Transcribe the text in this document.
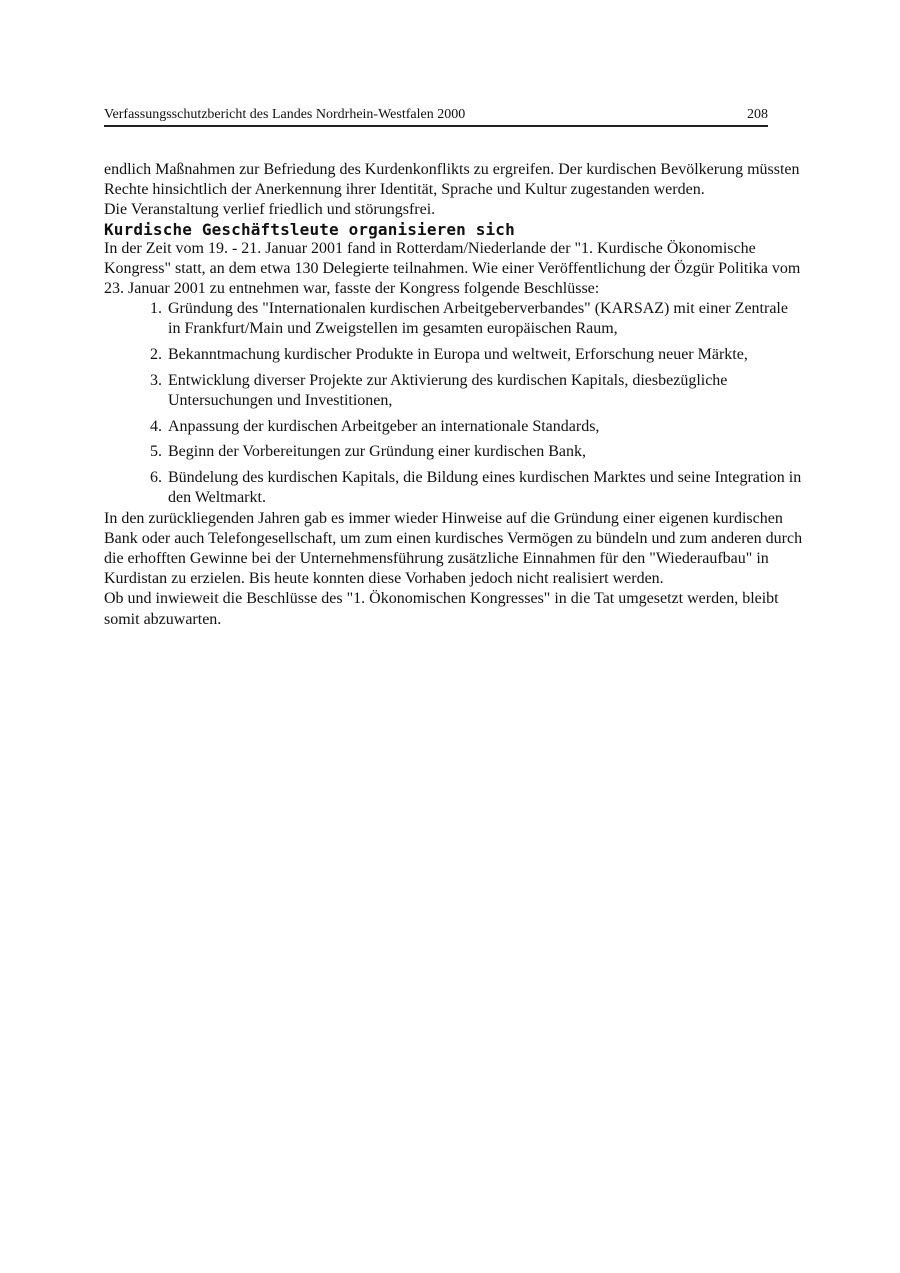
Verfassungsschutzbericht des Landes Nordrhein-Westfalen 2000	208

endlich Maßnahmen zur Befriedung des Kurdenkonflikts zu ergreifen. Der kurdischen Bevölkerung müssten Rechte hinsichtlich der Anerkennung ihrer Identität, Sprache und Kultur zugestanden werden.

Die Veranstaltung verlief friedlich und störungsfrei.

Kurdische Geschäftsleute organisieren sich

In der Zeit vom 19. - 21. Januar 2001 fand in Rotterdam/Niederlande der "1. Kurdische Ökonomische Kongress" statt, an dem etwa 130 Delegierte teilnahmen. Wie einer Veröffentlichung der Özgür Politika vom 23. Januar 2001 zu entnehmen war, fasste der Kongress folgende Beschlüsse:

1. Gründung des "Internationalen kurdischen Arbeitgeberverbandes" (KARSAZ) mit einer Zentrale in Frankfurt/Main und Zweigstellen im gesamten europäischen Raum,
2. Bekanntmachung kurdischer Produkte in Europa und weltweit, Erforschung neuer Märkte,
3. Entwicklung diverser Projekte zur Aktivierung des kurdischen Kapitals, diesbezügliche Untersuchungen und Investitionen,
4. Anpassung der kurdischen Arbeitgeber an internationale Standards,
5. Beginn der Vorbereitungen zur Gründung einer kurdischen Bank,
6. Bündelung des kurdischen Kapitals, die Bildung eines kurdischen Marktes und seine Integration in den Weltmarkt.

In den zurückliegenden Jahren gab es immer wieder Hinweise auf die Gründung einer eigenen kurdischen Bank oder auch Telefongesellschaft, um zum einen kurdisches Vermögen zu bündeln und zum anderen durch die erhofften Gewinne bei der Unternehmensführung zusätzliche Einnahmen für den "Wiederaufbau" in Kurdistan zu erzielen. Bis heute konnten diese Vorhaben jedoch nicht realisiert werden.

Ob und inwieweit die Beschlüsse des "1. Ökonomischen Kongresses" in die Tat umgesetzt werden, bleibt somit abzuwarten.
